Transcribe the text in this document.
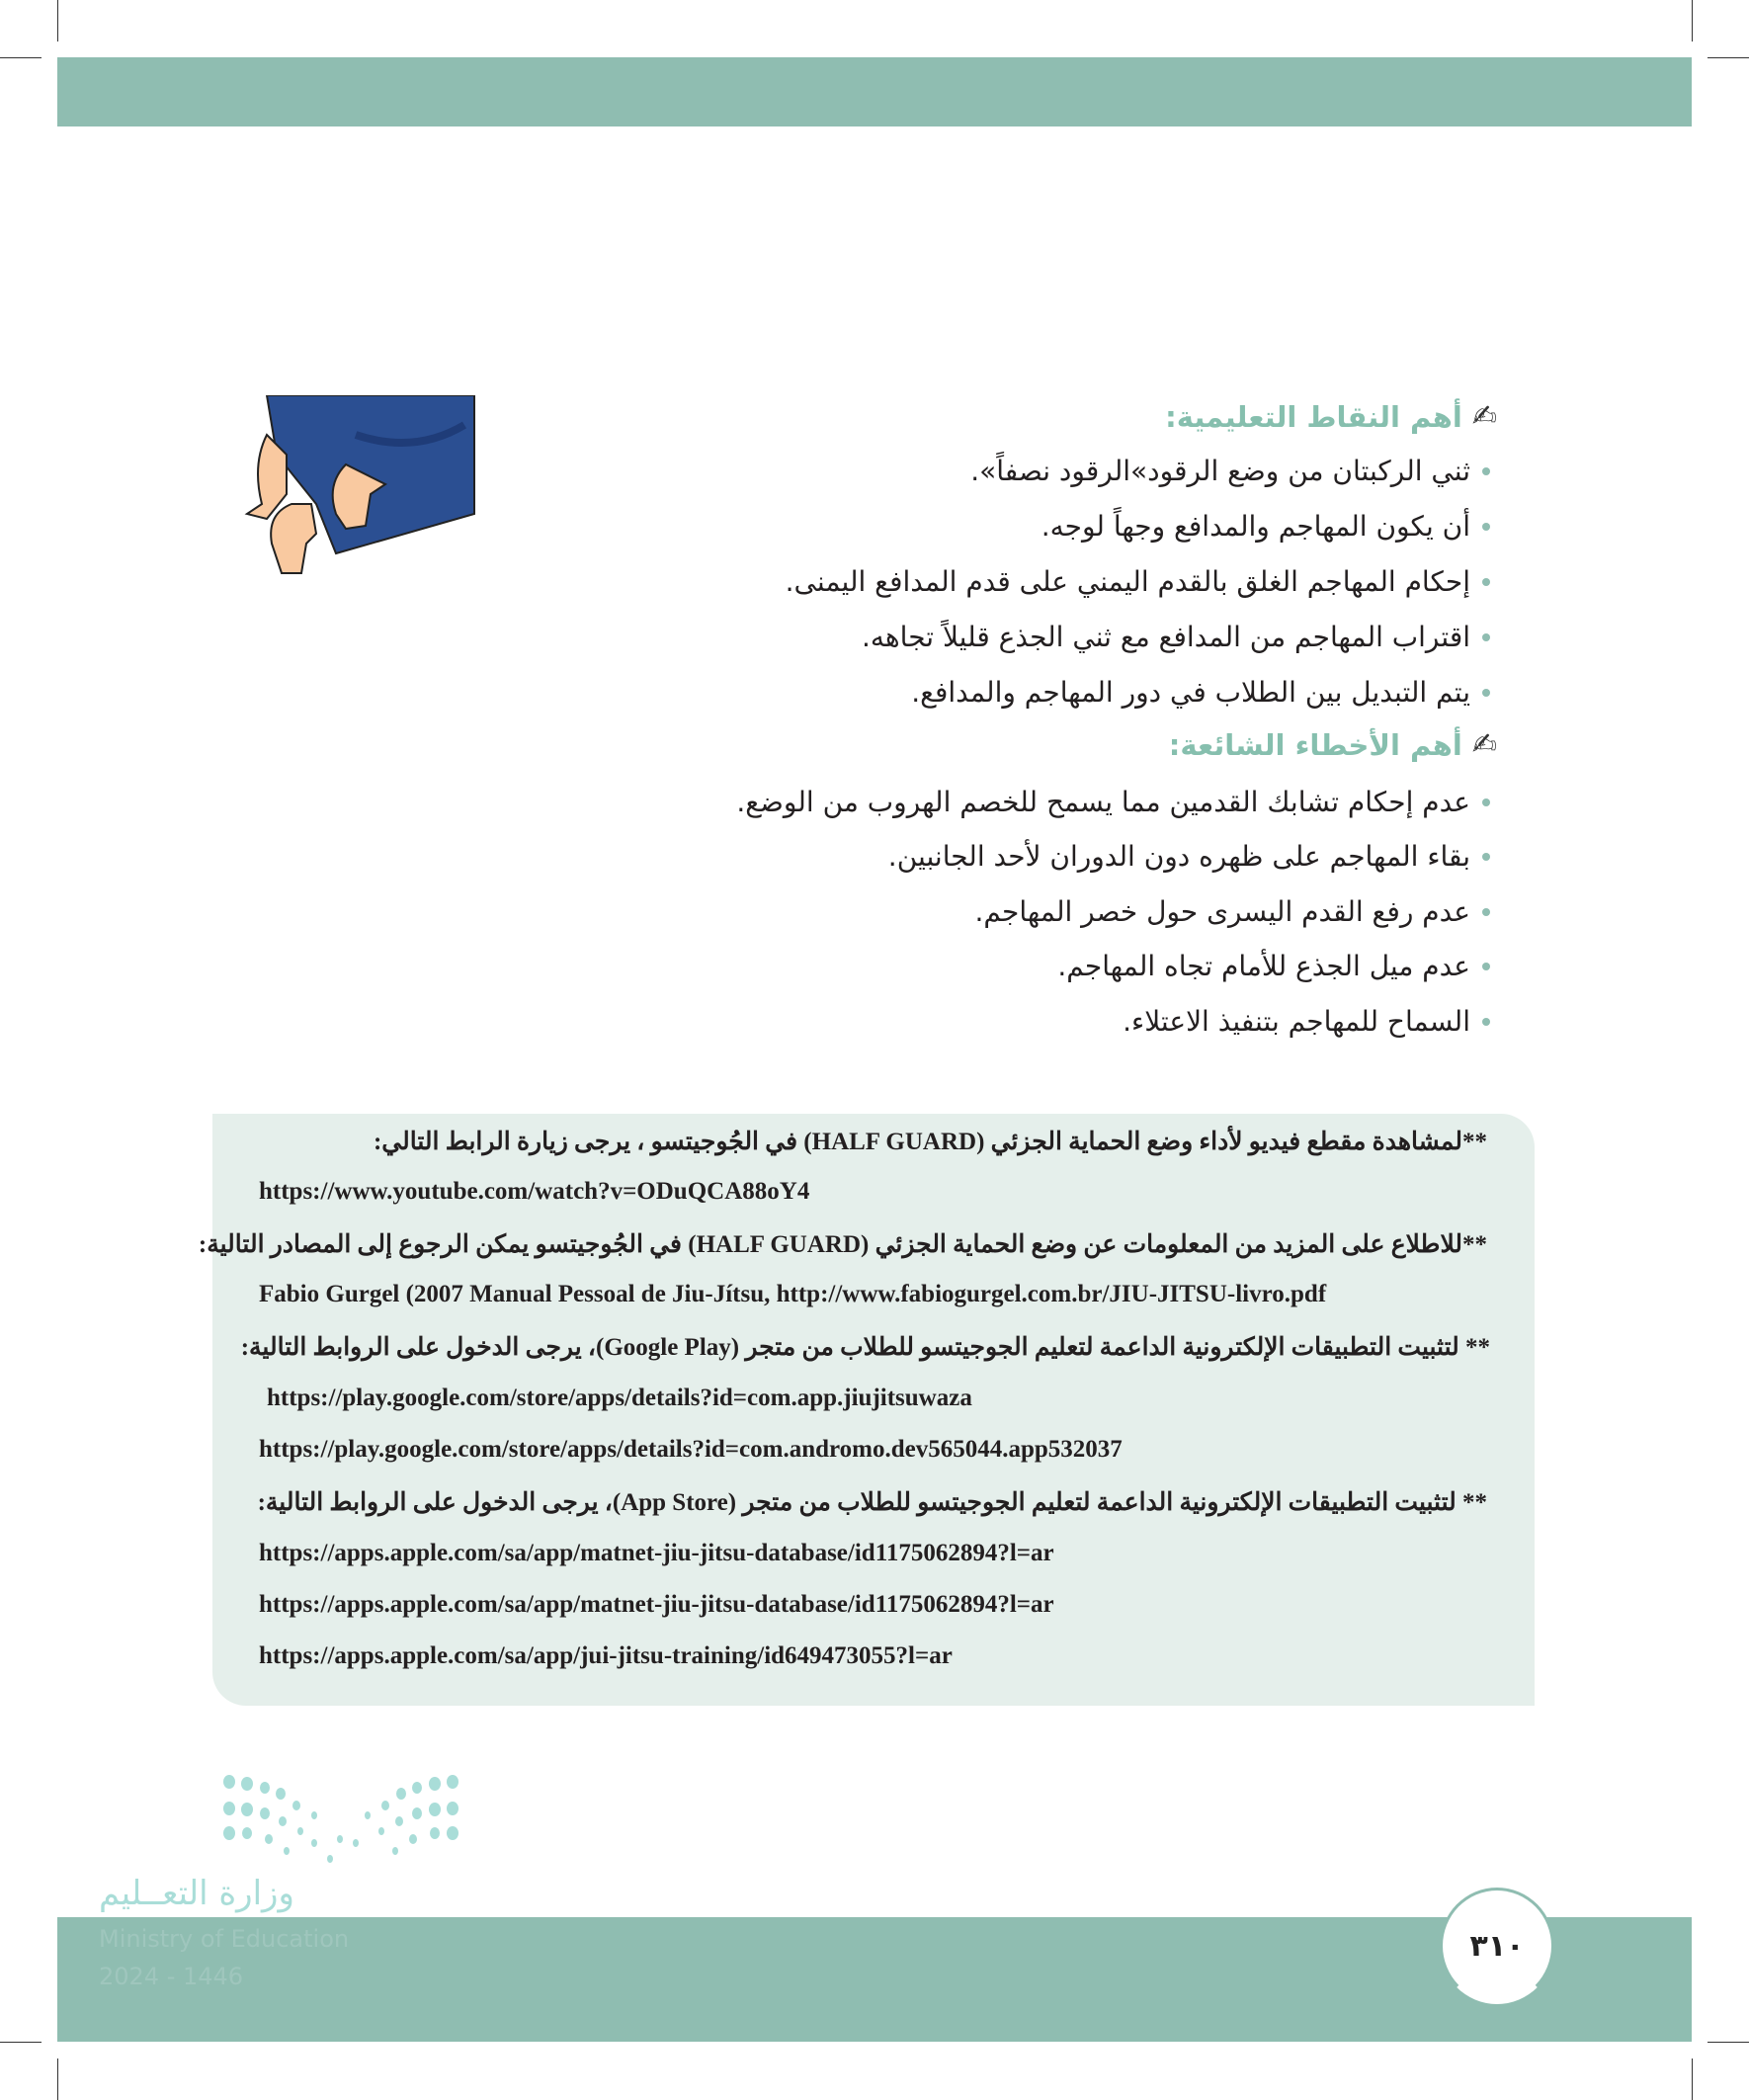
✍
أهم النقاط التعليمية:
ثني الركبتان من وضع الرقود»الرقود نصفاً».
أن يكون المهاجم والمدافع وجهاً لوجه.
إحكام المهاجم الغلق بالقدم اليمني على قدم المدافع اليمنى.
اقتراب المهاجم من المدافع مع ثني الجذع قليلاً تجاهه.
يتم التبديل بين الطلاب في دور المهاجم والمدافع.
✍
أهم الأخطاء الشائعة:
عدم إحكام تشابك القدمين مما يسمح للخصم الهروب من الوضع.
بقاء المهاجم على ظهره دون الدوران لأحد الجانبين.
عدم رفع القدم اليسرى حول خصر المهاجم.
عدم ميل الجذع للأمام تجاه المهاجم.
السماح للمهاجم بتنفيذ الاعتلاء.
**لمشاهدة مقطع فيديو لأداء وضع الحماية الجزئي (HALF GUARD) في الجُوجيتسو ، يرجى زيارة الرابط التالي:
https://www.youtube.com/watch?v=ODuQCA88oY4
**للاطلاع على المزيد من المعلومات عن وضع الحماية الجزئي (HALF GUARD) في الجُوجيتسو يمكن الرجوع إلى المصادر التالية:
Fabio Gurgel (2007 Manual Pessoal de Jiu-Jítsu, http://www.fabiogurgel.com.br/JIU-JITSU-livro.pdf
** لتثبيت التطبيقات الإلكترونية الداعمة لتعليم الجوجيتسو للطلاب من متجر (Google Play)، يرجى الدخول على الروابط التالية:
https://play.google.com/store/apps/details?id=com.app.jiujitsuwaza
https://play.google.com/store/apps/details?id=com.andromo.dev565044.app532037
** لتثبيت التطبيقات الإلكترونية الداعمة لتعليم الجوجيتسو للطلاب من متجر (App Store)، يرجى الدخول على الروابط التالية:
https://apps.apple.com/sa/app/matnet-jiu-jitsu-database/id1175062894?l=ar
https://apps.apple.com/sa/app/matnet-jiu-jitsu-database/id1175062894?l=ar
https://apps.apple.com/sa/app/jui-jitsu-training/id649473055?l=ar
وزارة التعــليم
Ministry of Education
2024 - 1446
٣١٠
